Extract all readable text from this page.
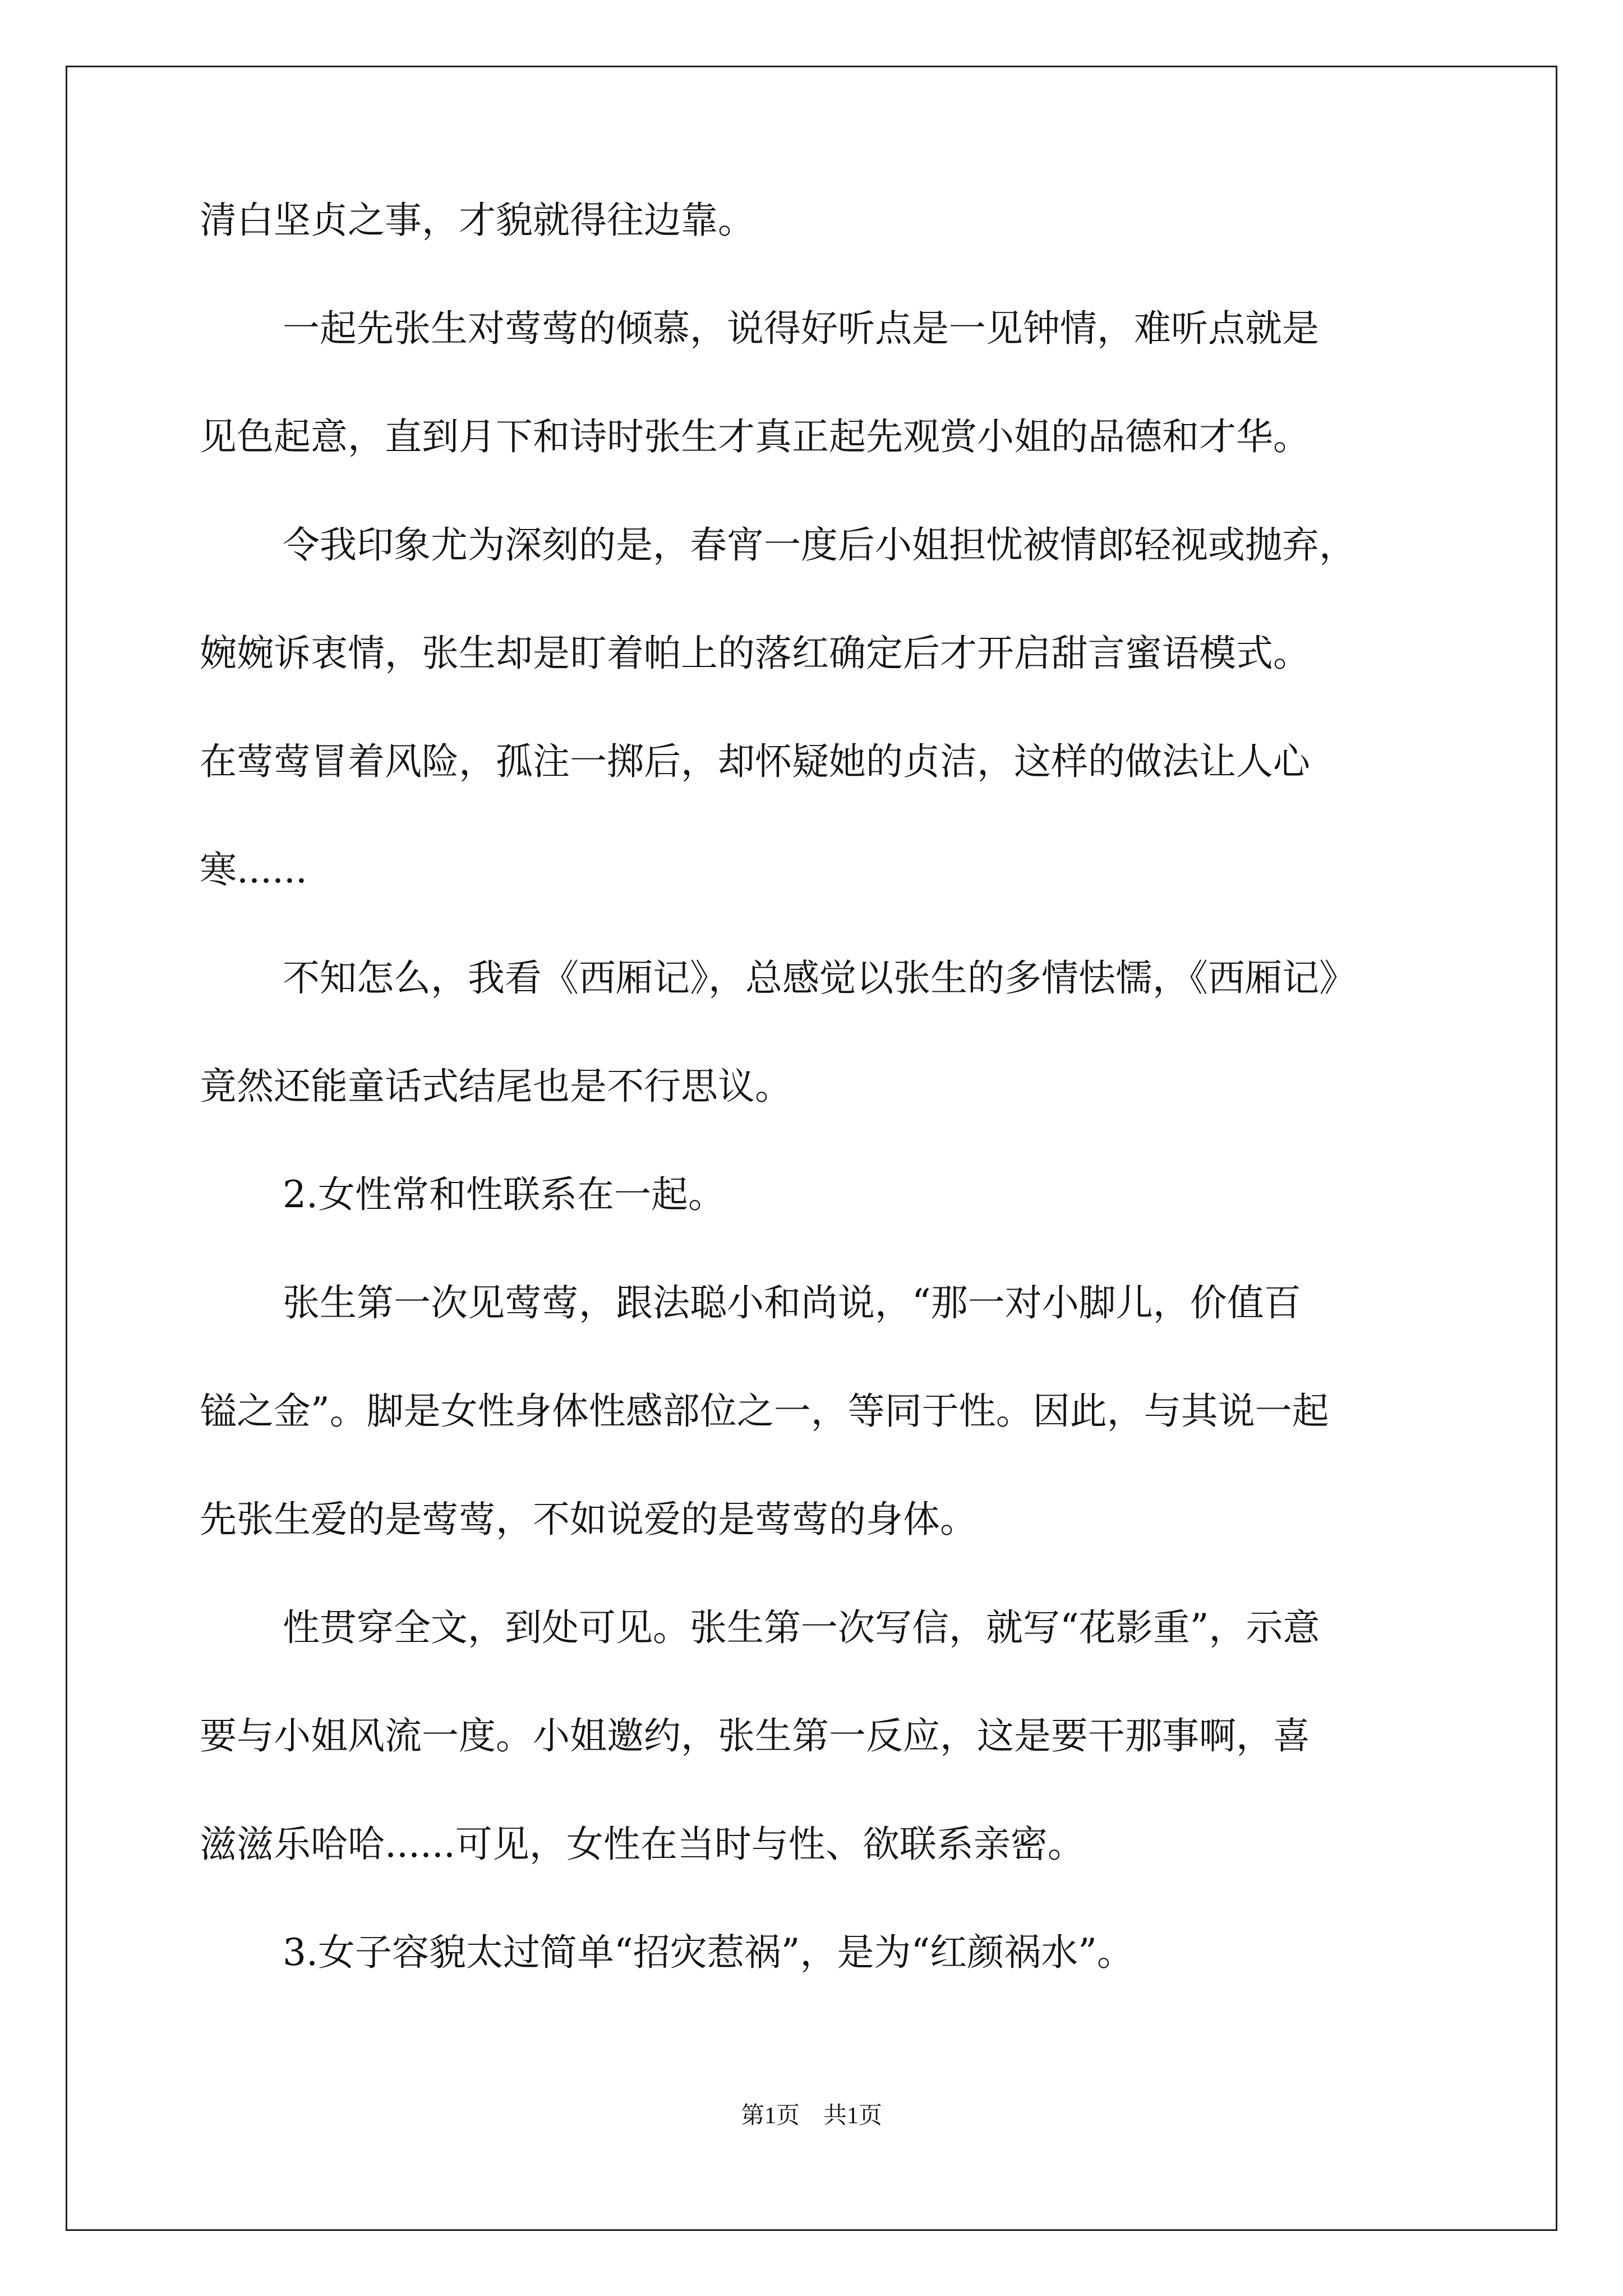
清白坚贞之事，才貌就得往边靠。
一起先张生对莺莺的倾慕，说得好听点是一见钟情，难听点就是
见色起意，直到月下和诗时张生才真正起先观赏小姐的品德和才华。
令我印象尤为深刻的是，春宵一度后小姐担忧被情郎轻视或抛弃，
婉婉诉衷情，张生却是盯着帕上的落红确定后才开启甜言蜜语模式。
在莺莺冒着风险，孤注一掷后，却怀疑她的贞洁，这样的做法让人心
寒......
不知怎么，我看《西厢记》，总感觉以张生的多情怯懦，《西厢记》
竟然还能童话式结尾也是不行思议。
2.女性常和性联系在一起。
张生第一次见莺莺，跟法聪小和尚说，“那一对小脚儿，价值百
镒之金”。脚是女性身体性感部位之一，等同于性。因此，与其说一起
先张生爱的是莺莺，不如说爱的是莺莺的身体。
性贯穿全文，到处可见。张生第一次写信，就写“花影重”，示意
要与小姐风流一度。小姐邀约，张生第一反应，这是要干那事啊，喜
滋滋乐哈哈......可见，女性在当时与性、欲联系亲密。
3.女子容貌太过简单“招灾惹祸”，是为“红颜祸水”。
第1页　共1页
